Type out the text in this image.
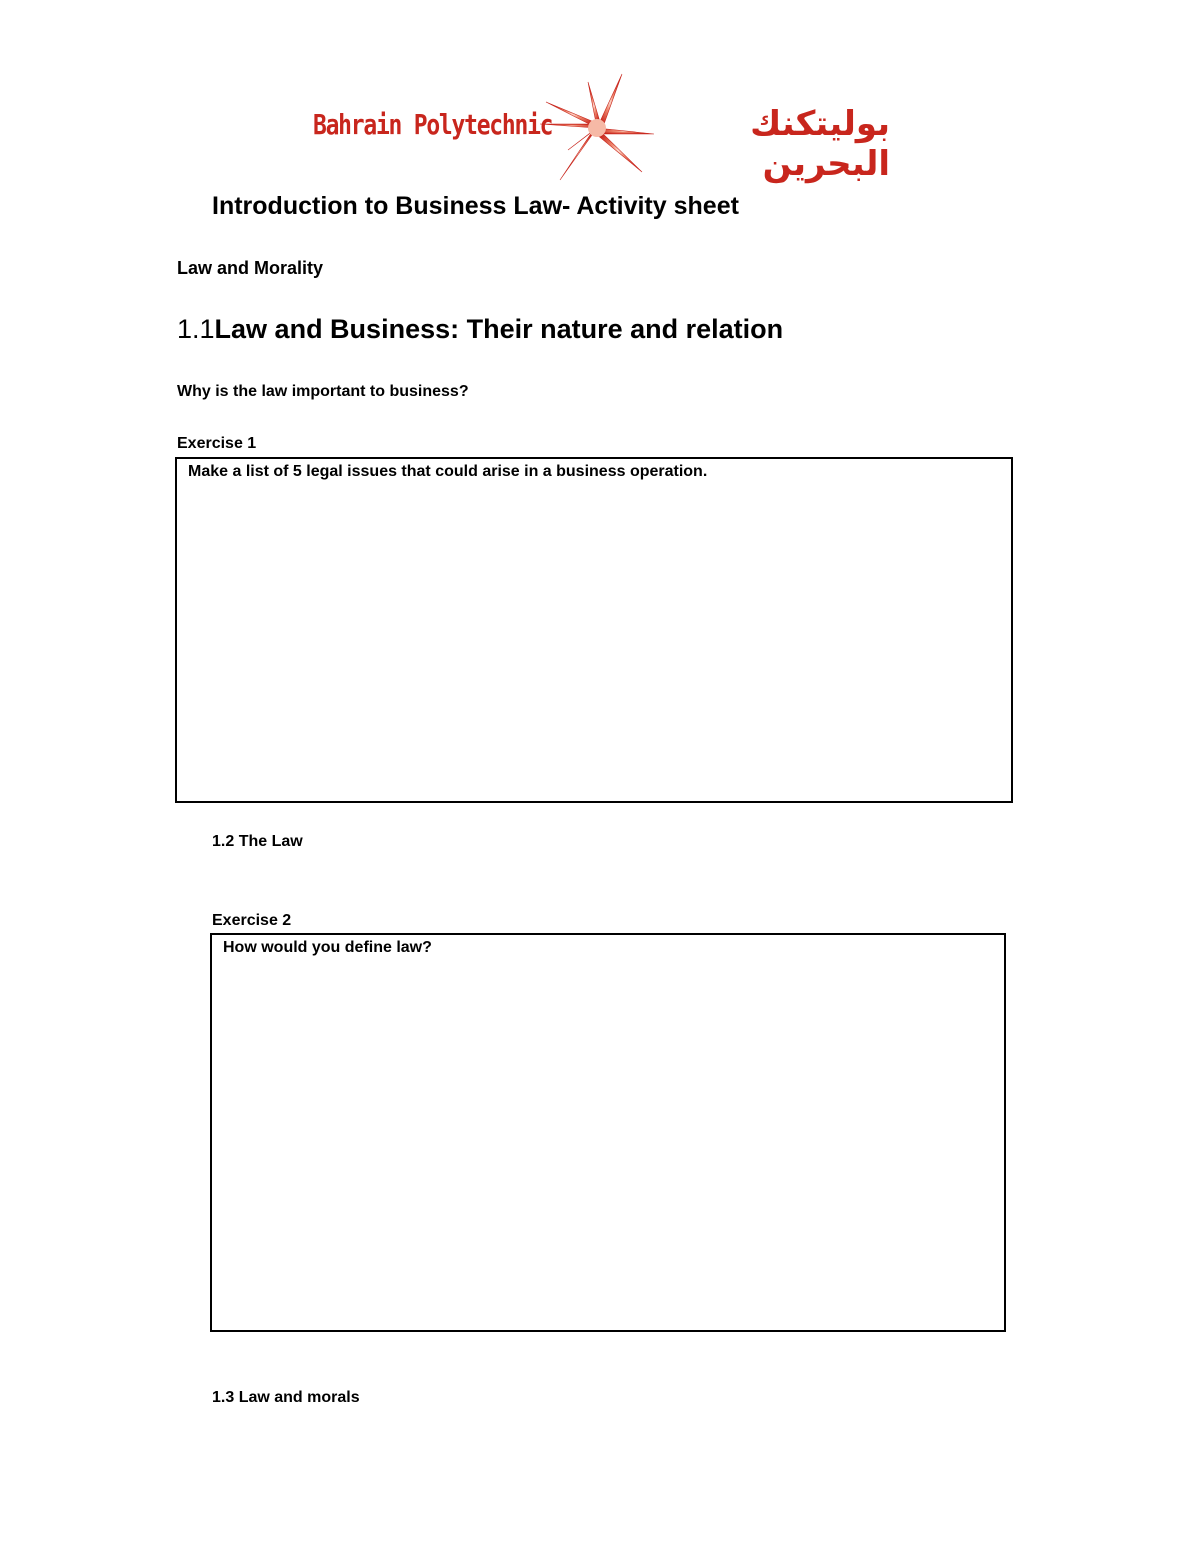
Bahrain Polytechnic	بوليتكنك البحرين
Introduction to Business Law- Activity sheet
Law and Morality
1.1Law and Business: Their nature and relation
Why is the law important to business?
Exercise 1
Make a list of 5 legal issues that could arise in a business operation.
1.2 The Law
Exercise 2
How would you define law?
1.3 Law and morals
